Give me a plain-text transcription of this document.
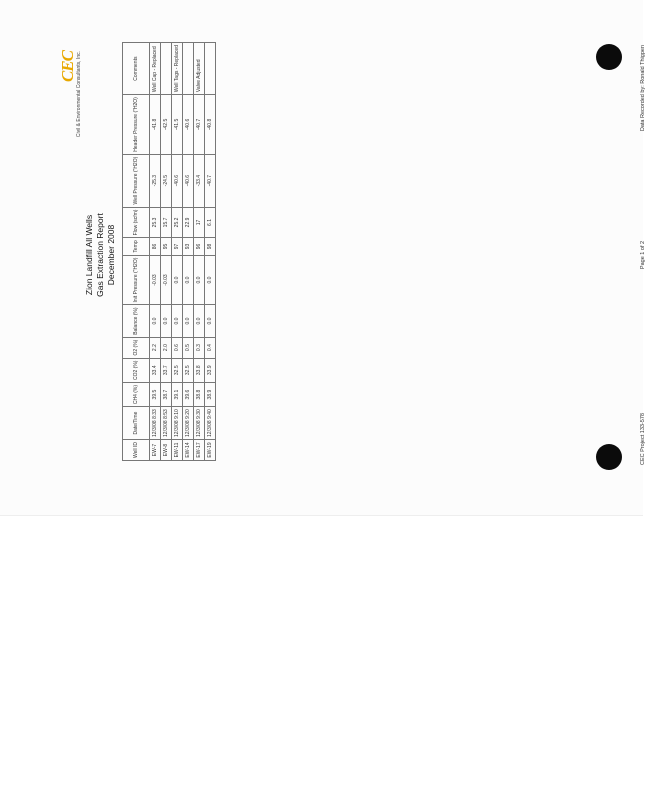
CEC Civil & Environmental Consultants, Inc.
Zion Landfill All Wells Gas Extraction Report December 2008
Well ID	Date/Time	CH4 (%)	CO2 (%)	O2 (%)	Balance (%)	Init Pressure ("H2O)	Temp	Flow (scfm)	Well Pressure ("H2O)	Header Pressure ("H2O)	Comments
EW-7	12/3/08 8:33	39.5	33.4	2.2	0.0	-0.03	86	25.3	-25.3	-41.8	Well Cap - Replaced
EW-8	12/3/08 8:53	38.7	33.7	2.0	0.0	-0.03	95	15.7	-24.5	-42.5	
EW-11	12/3/08 9:10	39.1	32.5	0.6	0.0	0.0	97	25.2	-40.6	-41.5	Well Tags - Replaced
EW-14	12/3/08 9:20	39.6	32.5	0.5	0.0	0.0	93	22.9	-40.6	-40.6	
EW-17	12/3/08 9:30	38.8	33.8	0.3	0.0	0.0	96	17	-33.4	-40.7	Valve Adjusted
EW-19	12/3/08 9:40	38.9	33.9	0.4	0.0	0.0	98	6.1	-40.7	-40.8	
CEC Project 133-578
Page 1 of 2
Data Recorded by: Ronald Thigpen
